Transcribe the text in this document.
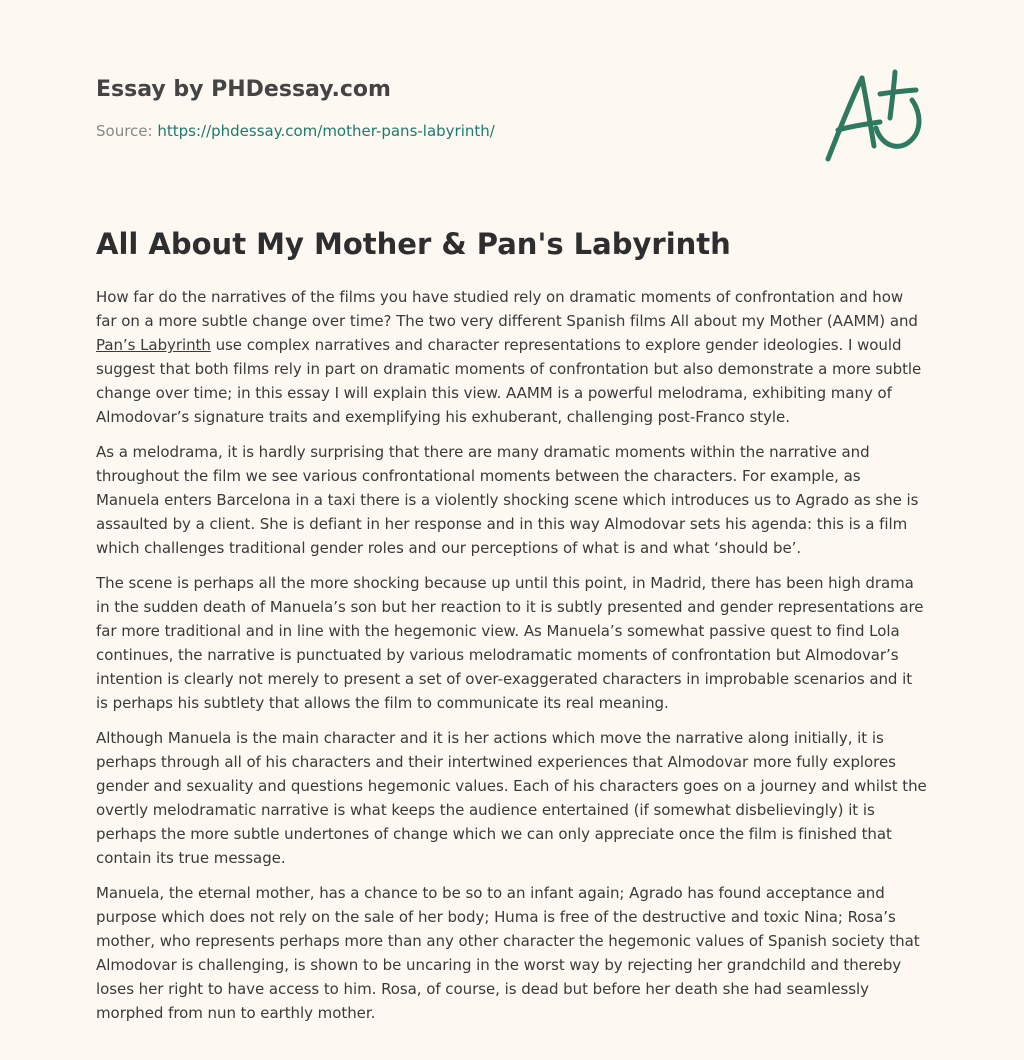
Essay by PHDessay.com
Source: https://phdessay.com/mother-pans-labyrinth/
All About My Mother & Pan's Labyrinth

How far do the narratives of the films you have studied rely on dramatic moments of confrontation and how far on a more subtle change over time? The two very different Spanish films All about my Mother (AAMM) and Pan’s Labyrinth use complex narratives and character representations to explore gender ideologies. I would suggest that both films rely in part on dramatic moments of confrontation but also demonstrate a more subtle change over time; in this essay I will explain this view. AAMM is a powerful melodrama, exhibiting many of Almodovar’s signature traits and exemplifying his exhuberant, challenging post-Franco style.

As a melodrama, it is hardly surprising that there are many dramatic moments within the narrative and throughout the film we see various confrontational moments between the characters. For example, as Manuela enters Barcelona in a taxi there is a violently shocking scene which introduces us to Agrado as she is assaulted by a client. She is defiant in her response and in this way Almodovar sets his agenda: this is a film which challenges traditional gender roles and our perceptions of what is and what ‘should be’.

The scene is perhaps all the more shocking because up until this point, in Madrid, there has been high drama in the sudden death of Manuela’s son but her reaction to it is subtly presented and gender representations are far more traditional and in line with the hegemonic view. As Manuela’s somewhat passive quest to find Lola continues, the narrative is punctuated by various melodramatic moments of confrontation but Almodovar’s intention is clearly not merely to present a set of over-exaggerated characters in improbable scenarios and it is perhaps his subtlety that allows the film to communicate its real meaning.

Although Manuela is the main character and it is her actions which move the narrative along initially, it is perhaps through all of his characters and their intertwined experiences that Almodovar more fully explores gender and sexuality and questions hegemonic values. Each of his characters goes on a journey and whilst the overtly melodramatic narrative is what keeps the audience entertained (if somewhat disbelievingly) it is perhaps the more subtle undertones of change which we can only appreciate once the film is finished that contain its true message.

Manuela, the eternal mother, has a chance to be so to an infant again; Agrado has found acceptance and purpose which does not rely on the sale of her body; Huma is free of the destructive and toxic Nina; Rosa’s mother, who represents perhaps more than any other character the hegemonic values of Spanish society that Almodovar is challenging, is shown to be uncaring in the worst way by rejecting her grandchild and thereby loses her right to have access to him. Rosa, of course, is dead but before her death she had seamlessly morphed from nun to earthly mother.
